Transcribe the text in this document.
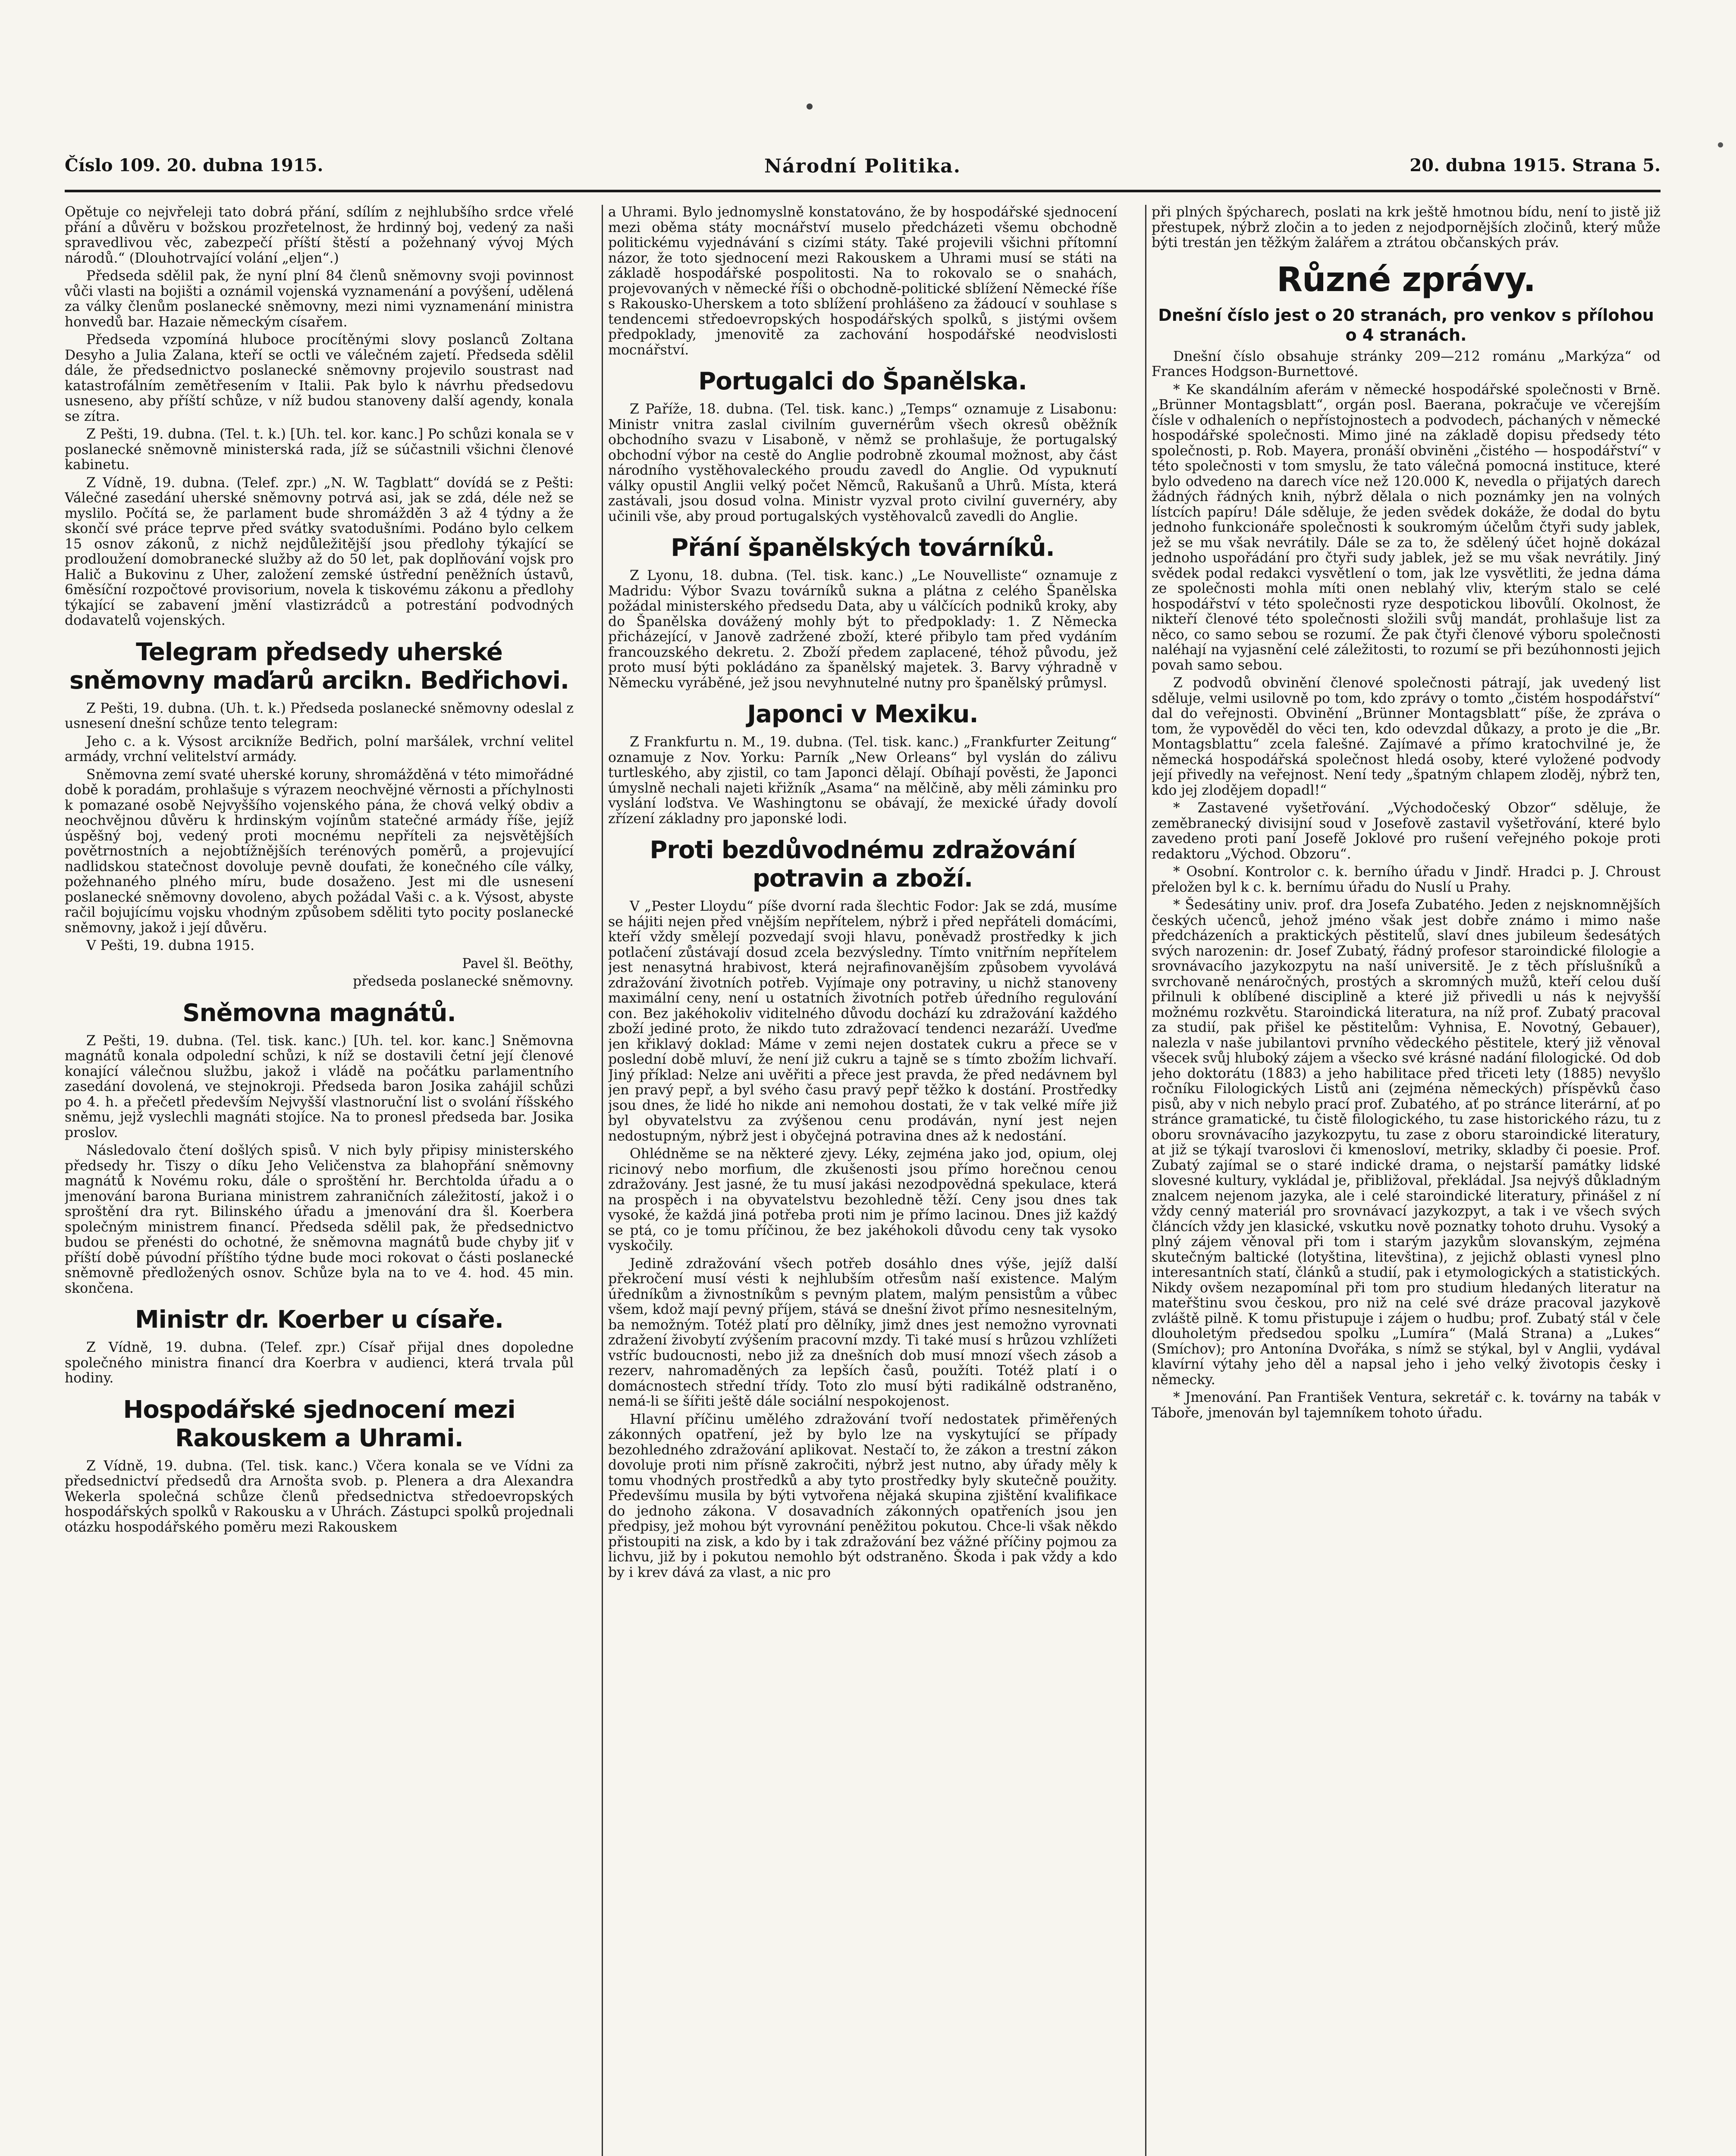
Číslo 109. 20. dubna 1915.	Národní Politika.	20. dubna 1915. Strana 5.

Opětuje co nejvřeleji tato dobrá přání, sdílím z nejhlubšího srdce vřelé přání a důvěru v božskou prozřetelnost, že hrdinný boj, vedený za naši spravedlivou věc, zabezpečí příští štěstí a požehnaný vývoj Mých národů.“ (Dlouhotrvající volání „eljen“.)

Předseda sdělil pak, že nyní plní 84 členů sněmovny svoji povinnost vůči vlasti na bojišti a oznámil vojenská vyznamenání a povýšení, udělená za války členům poslanecké sněmovny, mezi nimi vyznamenání ministra honvedů bar. Hazaie německým císařem.

Předseda vzpomíná hluboce procítěnými slovy poslanců Zoltana Desyho a Julia Zalana, kteří se octli ve válečném zajetí. Předseda sdělil dále, že předsednictvo poslanecké sněmovny projevilo soustrast nad katastrofálním zemětřesením v Italii. Pak bylo k návrhu předsedovu usneseno, aby příští schůze, v níž budou stanoveny další agendy, konala se zítra.

Z Pešti, 19. dubna. (Tel. t. k.) [Uh. tel. kor. kanc.] Po schůzi konala se v poslanecké sněmovně ministerská rada, jíž se súčastnili všichni členové kabinetu.

Z Vídně, 19. dubna. (Telef. zpr.) „N. W. Tagblatt“ dovídá se z Pešti: Válečné zasedání uherské sněmovny potrvá asi, jak se zdá, déle než se myslilo. Počítá se, že parlament bude shromážděn 3 až 4 týdny a že skončí své práce teprve před svátky svatodušními. Podáno bylo celkem 15 osnov zákonů, z nichž nejdůležitější jsou předlohy týkající se prodloužení domobranecké služby až do 50 let, pak doplňování vojsk pro Halič a Bukovinu z Uher, založení zemské ústřední peněžních ústavů, 6měsíční rozpočtové provisorium, novela k tiskovému zákonu a předlohy týkající se zabavení jmění vlastizrádců a potrestání podvodných dodavatelů vojenských.

Telegram předsedy uherské sněmovny maďarů arcikn. Bedřichovi.

Z Pešti, 19. dubna. (Uh. t. k.) Předseda poslanecké sněmovny odeslal z usnesení dnešní schůze tento telegram:

Jeho c. a k. Výsost arcikníže Bedřich, polní maršálek, vrchní velitel armády, vrchní velitelství armády.

Sněmovna zemí svaté uherské koruny, shromážděná v této mimořádné době k poradám, prohlašuje s výrazem neochvějné věrnosti a příchylnosti k pomazané osobě Nejvyššího vojenského pána, že chová velký obdiv a neochvějnou důvěru k hrdinským vojínům statečné armády říše, jejíž úspěšný boj, vedený proti mocnému nepříteli za nejsvětějších povětrnostních a nejobtížnějších terénových poměrů, a projevující nadlidskou statečnost dovoluje pevně doufati, že konečného cíle války, požehnaného plného míru, bude dosaženo. Jest mi dle usnesení poslanecké sněmovny dovoleno, abych požádal Vaši c. a k. Výsost, abyste račil bojujícímu vojsku vhodným způsobem sděliti tyto pocity poslanecké sněmovny, jakož i její důvěru.

V Pešti, 19. dubna 1915.

Pavel šl. Beöthy,

předseda poslanecké sněmovny.

Sněmovna magnátů.

Z Pešti, 19. dubna. (Tel. tisk. kanc.) [Uh. tel. kor. kanc.] Sněmovna magnátů konala odpolední schůzi, k níž se dostavili četní její členové konající válečnou službu, jakož i vládě na počátku parlamentního zasedání dovolená, ve stejnokroji. Předseda baron Josika zahájil schůzi po 4. h. a přečetl především Nejvyšší vlastnoruční list o svolání říšského sněmu, jejž vyslechli magnáti stojíce. Na to pronesl předseda bar. Josika proslov.

Následovalo čtení došlých spisů. V nich byly připisy ministerského předsedy hr. Tiszy o díku Jeho Veličenstva za blahopřání sněmovny magnátů k Novému roku, dále o sproštění hr. Berchtolda úřadu a o jmenování barona Buriana ministrem zahraničních záležitostí, jakož i o sproštění dra ryt. Bilinského úřadu a jmenování dra šl. Koerbera společným ministrem financí. Předseda sdělil pak, že předsednictvo budou se přenésti do ochotné, že sněmovna magnátů bude chyby jiť v příští době púvodní příštího týdne bude moci rokovat o části poslanecké sněmovně předložených osnov. Schůze byla na to ve 4. hod. 45 min. skončena.

Ministr dr. Koerber u císaře.

Z Vídně, 19. dubna. (Telef. zpr.) Císař přijal dnes dopoledne společného ministra financí dra Koerbra v audienci, která trvala půl hodiny.

Hospodářské sjednocení mezi Rakouskem a Uhrami.

Z Vídně, 19. dubna. (Tel. tisk. kanc.) Včera konala se ve Vídni za předsednictví předsedů dra Arnošta svob. p. Plenera a dra Alexandra Wekerla společná schůze členů předsednictva středoevropských hospodářských spolků v Rakousku a v Uhrách. Zástupci spolků projednali otázku hospodářského poměru mezi Rakouskem

a Uhrami. Bylo jednomyslně konstatováno, že by hospodářské sjednocení mezi oběma státy mocnářství muselo předcházeti všemu obchodně politickému vyjednávání s cizími státy. Také projevili všichni přítomní názor, že toto sjednocení mezi Rakouskem a Uhrami musí se státi na základě hospodářské pospolitosti. Na to rokovalo se o snahách, projevovaných v německé říši o obchodně-politické sblížení Německé říše s Rakousko-Uherskem a toto sblížení prohlášeno za žádoucí v souhlase s tendencemi středoevropských hospodářských spolků, s jistými ovšem předpoklady, jmenovitě za zachování hospodářské neodvislosti mocnářství.

Portugalci do Španělska.

Z Paříže, 18. dubna. (Tel. tisk. kanc.) „Temps“ oznamuje z Lisabonu: Ministr vnitra zaslal civilním guvernérům všech okresů oběžník obchodního svazu v Lisaboně, v němž se prohlašuje, že portugalský obchodní výbor na cestě do Anglie podrobně zkoumal možnost, aby část národního vystěhovaleckého proudu zavedl do Anglie. Od vypuknutí války opustil Anglii velký počet Němců, Rakušanů a Uhrů. Místa, která zastávali, jsou dosud volna. Ministr vyzval proto civilní guvernéry, aby učinili vše, aby proud portugalských vystěhovalců zavedli do Anglie.

Přání španělských továrníků.

Z Lyonu, 18. dubna. (Tel. tisk. kanc.) „Le Nouvelliste“ oznamuje z Madridu: Výbor Svazu továrníků sukna a plátna z celého Španělska požádal ministerského předsedu Data, aby u válčících podniků kroky, aby do Španělska dovážený mohly být to předpoklady: 1. Z Německa přicházející, v Janově zadržené zboží, které přibylo tam před vydáním francouzského dekretu. 2. Zboží předem zaplacené, téhož původu, jež proto musí býti pokládáno za španělský majetek. 3. Barvy výhradně v Německu vyráběné, jež jsou nevyhnutelné nutny pro španělský průmysl.

Japonci v Mexiku.

Z Frankfurtu n. M., 19. dubna. (Tel. tisk. kanc.) „Frankfurter Zeitung“ oznamuje z Nov. Yorku: Parník „New Orleans“ byl vyslán do zálivu turtleského, aby zjistil, co tam Japonci dělají. Obíhají pověsti, že Japonci úmyslně nechali najeti křižník „Asama“ na mělčině, aby měli záminku pro vyslání loďstva. Ve Washingtonu se obávají, že mexické úřady dovolí zřízení základny pro japonské lodi.

Proti bezdůvodnému zdražování potravin a zboží.

V „Pester Lloydu“ píše dvorní rada šlechtic Fodor: Jak se zdá, musíme se hájiti nejen před vnějším nepřítelem, nýbrž i před nepřáteli domácími, kteří vždy smělejí pozvedají svoji hlavu, poněvadž prostředky k jich potlačení zůstávají dosud zcela bezvýsledny. Tímto vnitřním nepřítelem jest nenasytná hrabivost, která nejrafinovanějším způsobem vyvolává zdražování životních potřeb. Vyjímaje ony potraviny, u nichž stanoveny maximální ceny, není u ostatních životních potřeb úředního regulování con. Bez jakéhokoliv viditelného důvodu dochází ku zdražování každého zboží jediné proto, že nikdo tuto zdražovací tendenci nezaráží. Uveďme jen křiklavý doklad: Máme v zemi nejen dostatek cukru a přece se v poslední době mluví, že není již cukru a tajně se s tímto zbožím lichvaří. Jiný příklad: Nelze ani uvěřiti a přece jest pravda, že před nedávnem byl jen pravý pepř, a byl svého času pravý pepř těžko k dostání. Prostředky jsou dnes, že lidé ho nikde ani nemohou dostati, že v tak velké míře již byl obyvatelstvu za zvýšenou cenu prodáván, nyní jest nejen nedostupným, nýbrž jest i obyčejná potravina dnes až k nedostání.

Ohlédněme se na některé zjevy. Léky, zejména jako jod, opium, olej ricinový nebo morfium, dle zkušenosti jsou přímo horečnou cenou zdražovány. Jest jasné, že tu musí jakási nezodpovědná spekulace, která na prospěch i na obyvatelstvu bezohledně těží. Ceny jsou dnes tak vysoké, že každá jiná potřeba proti nim je přímo lacinou. Dnes již každý se ptá, co je tomu příčinou, že bez jakéhokoli důvodu ceny tak vysoko vyskočily.

Jedině zdražování všech potřeb dosáhlo dnes výše, jejíž další překročení musí vésti k nejhlubším otřesům naší existence. Malým úředníkům a živnostníkům s pevným platem, malým pensistům a vůbec všem, kdož mají pevný příjem, stává se dnešní život přímo nesnesitelným, ba nemožným. Totéž platí pro dělníky, jimž dnes jest nemožno vyrovnati zdražení živobytí zvýšením pracovní mzdy. Ti také musí s hrůzou vzhlížeti vstříc budoucnosti, nebo již za dnešních dob musí mnozí všech zásob a rezerv, nahromaděných za lepších časů, použíti. Totéž platí i o domácnostech střední třídy. Toto zlo musí býti radikálně odstraněno, nemá-li se šířiti ještě dále sociální nespokojenost.

Hlavní příčinu umělého zdražování tvoří nedostatek přiměřených zákonných opatření, jež by bylo lze na vyskytující se případy bezohledného zdražování aplikovat. Nestačí to, že zákon a trestní zákon dovoluje proti nim přísně zakročiti, nýbrž jest nutno, aby úřady měly k tomu vhodných prostředků a aby tyto prostředky byly skutečně použity. Předevšímu musila by býti vytvořena nějaká skupina zjištění kvalifikace do jednoho zákona. V dosavadních zákonných opatřeních jsou jen předpisy, jež mohou být vyrovnání peněžitou pokutou. Chce-li však někdo přistoupiti na zisk, a kdo by i tak zdražování bez vážné příčiny pojmou za lichvu, již by i pokutou nemohlo být odstraněno. Škoda i pak vždy a kdo by i krev dává za vlast, a nic pro

při plných špýcharech, poslati na krk ještě hmotnou bídu, není to jistě již přestupek, nýbrž zločin a to jeden z nejodpornějších zločinů, který může býti trestán jen těžkým žalářem a ztrátou občanských práv.

Různé zprávy.
Dnešní číslo jest o 20 stranách, pro venkov s přílohou o 4 stranách.

Dnešní číslo obsahuje stránky 209—212 románu „Markýza“ od Frances Hodgson-Burnettové.

* Ke skandálním aferám v německé hospodářské společnosti v Brně. „Brünner Montagsblatt“, orgán posl. Baerana, pokračuje ve včerejším čísle v odhaleních o nepřístojnostech a podvodech, páchaných v německé hospodářské společnosti. Mimo jiné na základě dopisu předsedy této společnosti, p. Rob. Mayera, pronáší obviněni „čistého — hospodářství“ v této společnosti v tom smyslu, že tato válečná pomocná instituce, které bylo odvedeno na darech více než 120.000 K, nevedla o přijatých darech žádných řádných knih, nýbrž dělala o nich poznámky jen na volných lístcích papíru! Dále sděluje, že jeden svědek dokáže, že dodal do bytu jednoho funkcionáře společnosti k soukromým účelům čtyři sudy jablek, jež se mu však nevrátily. Dále se za to, že sdělený účet hojně dokázal jednoho uspořádání pro čtyři sudy jablek, jež se mu však nevrátily. Jiný svědek podal redakci vysvětlení o tom, jak lze vysvětliti, že jedna dáma ze společnosti mohla míti onen neblahý vliv, kterým stalo se celé hospodářství v této společnosti ryze despotickou libovůlí. Okolnost, že nikteří členové této společnosti složili svůj mandát, prohlašuje list za něco, co samo sebou se rozumí. Že pak čtyři členové výboru společnosti naléhají na vyjasnění celé záležitosti, to rozumí se při bezúhonnosti jejich povah samo sebou.

Z podvodů obvinění členové společnosti pátrají, jak uvedený list sděluje, velmi usilovně po tom, kdo zprávy o tomto „čistém hospodářství“ dal do veřejnosti. Obvinění „Brünner Montagsblatt“ píše, že zpráva o tom, že vypověděl do věci ten, kdo odevzdal důkazy, a proto je die „Br. Montagsblattu“ zcela falešné. Zajímavé a přímo kratochvilné je, že německá hospodářská společnost hledá osoby, které vyložené podvody její přivedly na veřejnost. Není tedy „špatným chlapem zloděj, nýbrž ten, kdo jej zlodějem dopadl!“

* Zastavené vyšetřování. „Východočeský Obzor“ sděluje, že zeměbranecký divisijní soud v Josefově zastavil vyšetřování, které bylo zavedeno proti paní Josefě Joklové pro rušení veřejného pokoje proti redaktoru „Východ. Obzoru“.

* Osobní. Kontrolor c. k. berního úřadu v Jindř. Hradci p. J. Chroust přeložen byl k c. k. bernímu úřadu do Nuslí u Prahy.

* Šedesátiny univ. prof. dra Josefa Zubatého. Jeden z nejsknomnějších českých učenců, jehož jméno však jest dobře známo i mimo naše předcházeních a praktických pěstitelů, slaví dnes jubileum šedesátých svých narozenin: dr. Josef Zubatý, řádný profesor staroindické filologie a srovnávacího jazykozpytu na naší universitě. Je z těch příslušníků a svrchovaně nenáročných, prostých a skromných mužů, kteří celou duší přilnuli k oblíbené disciplině a které již přivedli u nás k nejvyšší možnému rozkvětu. Staroindická literatura, na níž prof. Zubatý pracoval za studií, pak přišel ke pěstitelům: Vyhnisa, E. Novotný, Gebauer), nalezla v naše jubilantovi prvního vědeckého pěstitele, který již věnoval všecek svůj hluboký zájem a všecko své krásné nadání filologické. Od dob jeho doktorátu (1883) a jeho habilitace před třiceti lety (1885) nevyšlo ročníku Filologických Listů ani (zejména německých) příspěvků časo pisů, aby v nich nebylo prací prof. Zubatého, ať po stránce literární, ať po stránce gramatické, tu čistě filologického, tu zase historického rázu, tu z oboru srovnávacího jazykozpytu, tu zase z oboru staroindické literatury, at již se týkají tvaroslovi či kmenosloví, metriky, skladby či poesie. Prof. Zubatý zajímal se o staré indické drama, o nejstarší památky lidské slovesné kultury, vykládal je, přibližoval, překládal. Jsa nejvýš důkladným znalcem nejenom jazyka, ale i celé staroindické literatury, přinášel z ní vždy cenný materiál pro srovnávací jazykozpyt, a tak i ve všech svých článcích vždy jen klasické, vskutku nově poznatky tohoto druhu. Vysoký a plný zájem věnoval při tom i starým jazykům slovanským, zejména skutečným baltické (lotyština, litevština), z jejichž oblasti vynesl plno interesantních statí, článků a studií, pak i etymologických a statistických. Nikdy ovšem nezapomínal při tom pro studium hledaných literatur na mateřštinu svou českou, pro niž na celé své dráze pracoval jazykově zvláště pilně. K tomu přistupuje i zájem o hudbu; prof. Zubatý stál v čele dlouholetým předsedou spolku „Lumíra“ (Malá Strana) a „Lukes“ (Smíchov); pro Antonína Dvořáka, s nímž se stýkal, byl v Anglii, vydával klavírní výtahy jeho děl a napsal jeho i jeho velký životopis česky i německy.

* Jmenování. Pan František Ventura, sekretář c. k. továrny na tabák v Táboře, jmenován byl tajemníkem tohoto úřadu.
